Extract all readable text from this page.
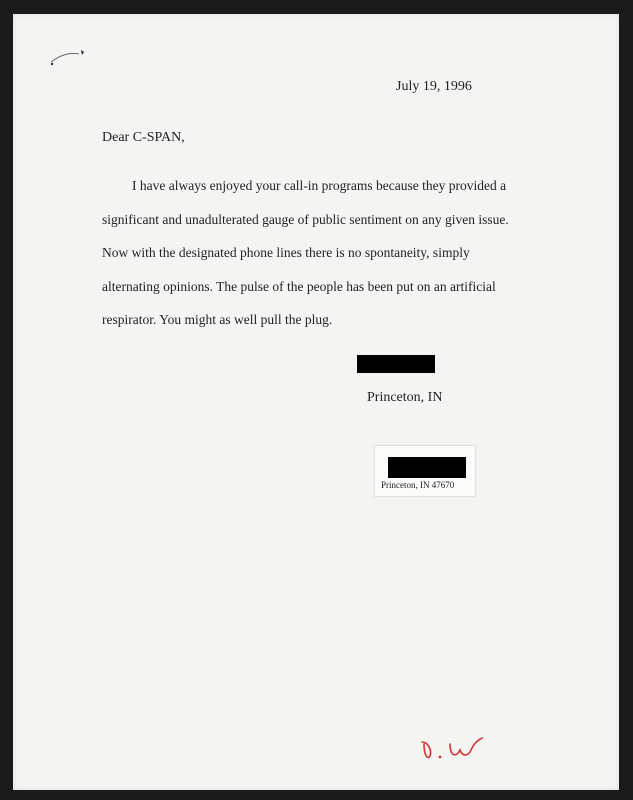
July 19, 1996
Dear C-SPAN,
I have always enjoyed your call-in programs because they provided a
significant and unadulterated gauge of public sentiment on any given issue.
Now with the designated phone lines there is no spontaneity, simply
alternating opinions. The pulse of the people has been put on an artificial
respirator. You might as well pull the plug.
Princeton, IN
Princeton, IN 47670
